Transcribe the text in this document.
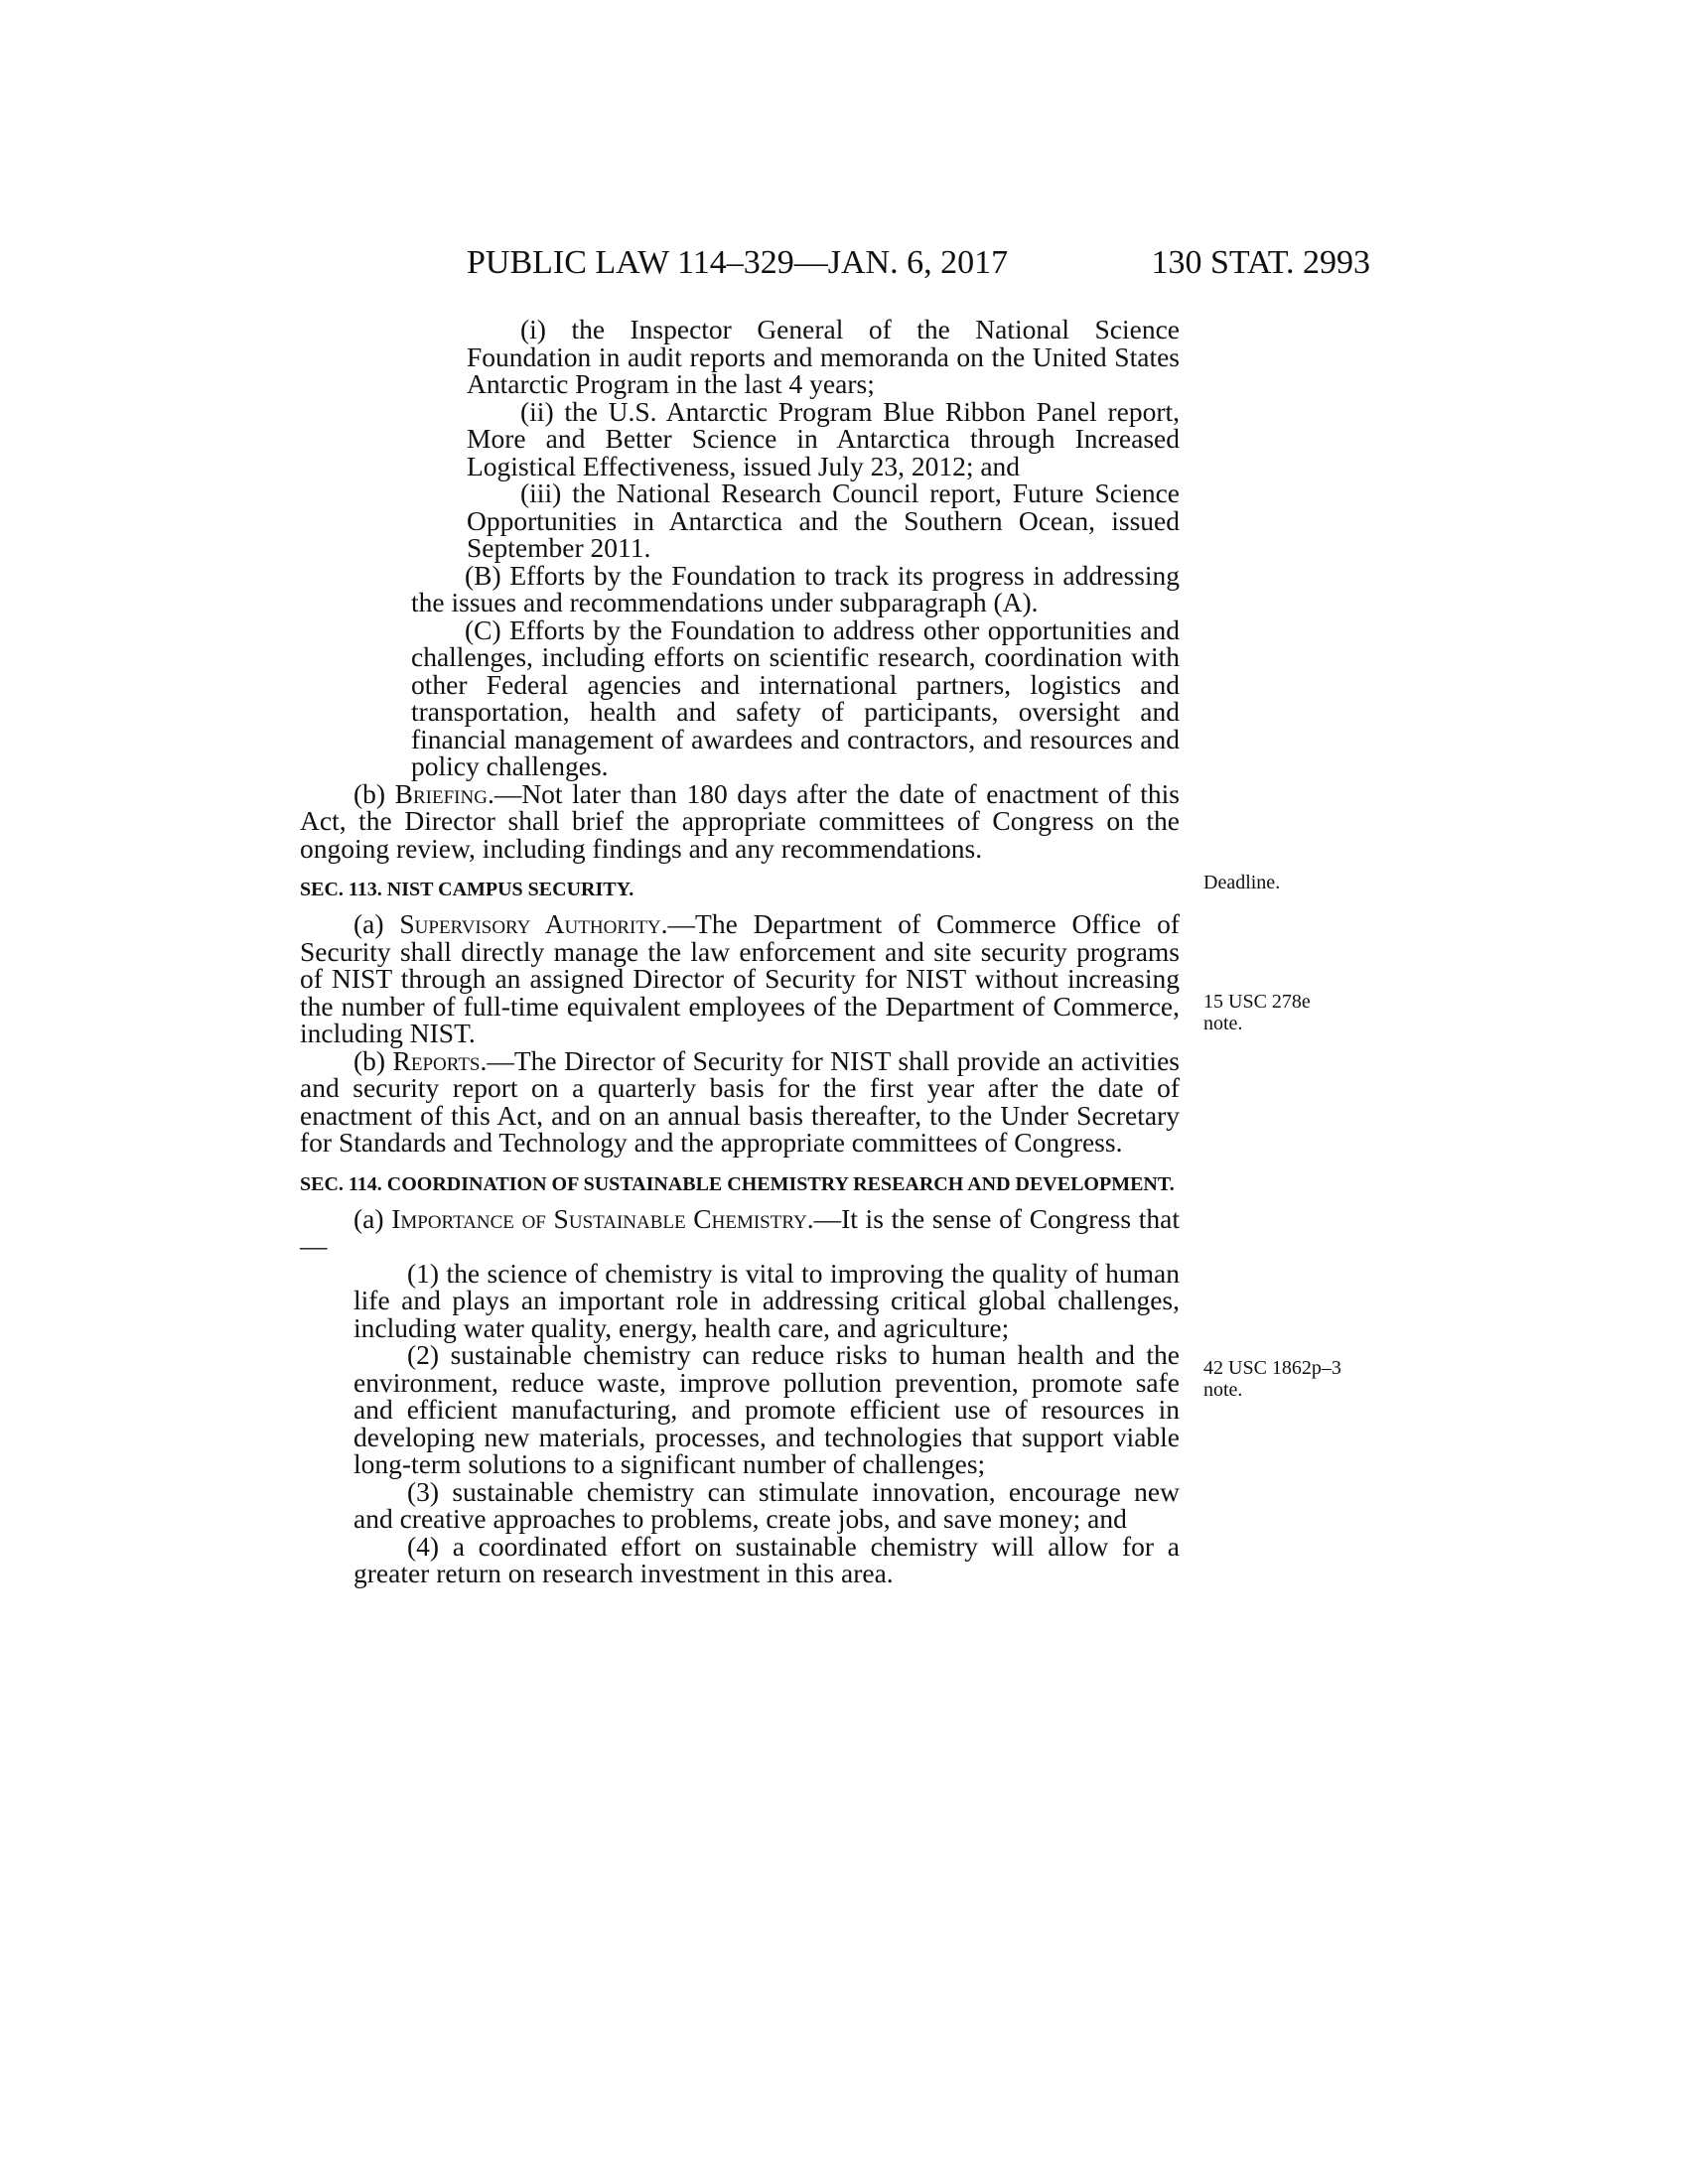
PUBLIC LAW 114–329—JAN. 6, 2017	130 STAT. 2993

(i) the Inspector General of the National Science Foundation in audit reports and memoranda on the United States Antarctic Program in the last 4 years;

(ii) the U.S. Antarctic Program Blue Ribbon Panel report, More and Better Science in Antarctica through Increased Logistical Effectiveness, issued July 23, 2012; and

(iii) the National Research Council report, Future Science Opportunities in Antarctica and the Southern Ocean, issued September 2011.

(B) Efforts by the Foundation to track its progress in addressing the issues and recommendations under subparagraph (A).

(C) Efforts by the Foundation to address other opportunities and challenges, including efforts on scientific research, coordination with other Federal agencies and international partners, logistics and transportation, health and safety of participants, oversight and financial management of awardees and contractors, and resources and policy challenges.

(b) Briefing.—Not later than 180 days after the date of enactment of this Act, the Director shall brief the appropriate committees of Congress on the ongoing review, including findings and any recommendations.

SEC. 113. NIST CAMPUS SECURITY.

(a) Supervisory Authority.—The Department of Commerce Office of Security shall directly manage the law enforcement and site security programs of NIST through an assigned Director of Security for NIST without increasing the number of full-time equivalent employees of the Department of Commerce, including NIST.

(b) Reports.—The Director of Security for NIST shall provide an activities and security report on a quarterly basis for the first year after the date of enactment of this Act, and on an annual basis thereafter, to the Under Secretary for Standards and Technology and the appropriate committees of Congress.

SEC. 114. COORDINATION OF SUSTAINABLE CHEMISTRY RESEARCH AND DEVELOPMENT.

(a) Importance of Sustainable Chemistry.—It is the sense of Congress that—

(1) the science of chemistry is vital to improving the quality of human life and plays an important role in addressing critical global challenges, including water quality, energy, health care, and agriculture;

(2) sustainable chemistry can reduce risks to human health and the environment, reduce waste, improve pollution prevention, promote safe and efficient manufacturing, and promote efficient use of resources in developing new materials, processes, and technologies that support viable long-term solutions to a significant number of challenges;

(3) sustainable chemistry can stimulate innovation, encourage new and creative approaches to problems, create jobs, and save money; and

(4) a coordinated effort on sustainable chemistry will allow for a greater return on research investment in this area.

Deadline.
15 USC 278e
note.
42 USC 1862p–3
note.
